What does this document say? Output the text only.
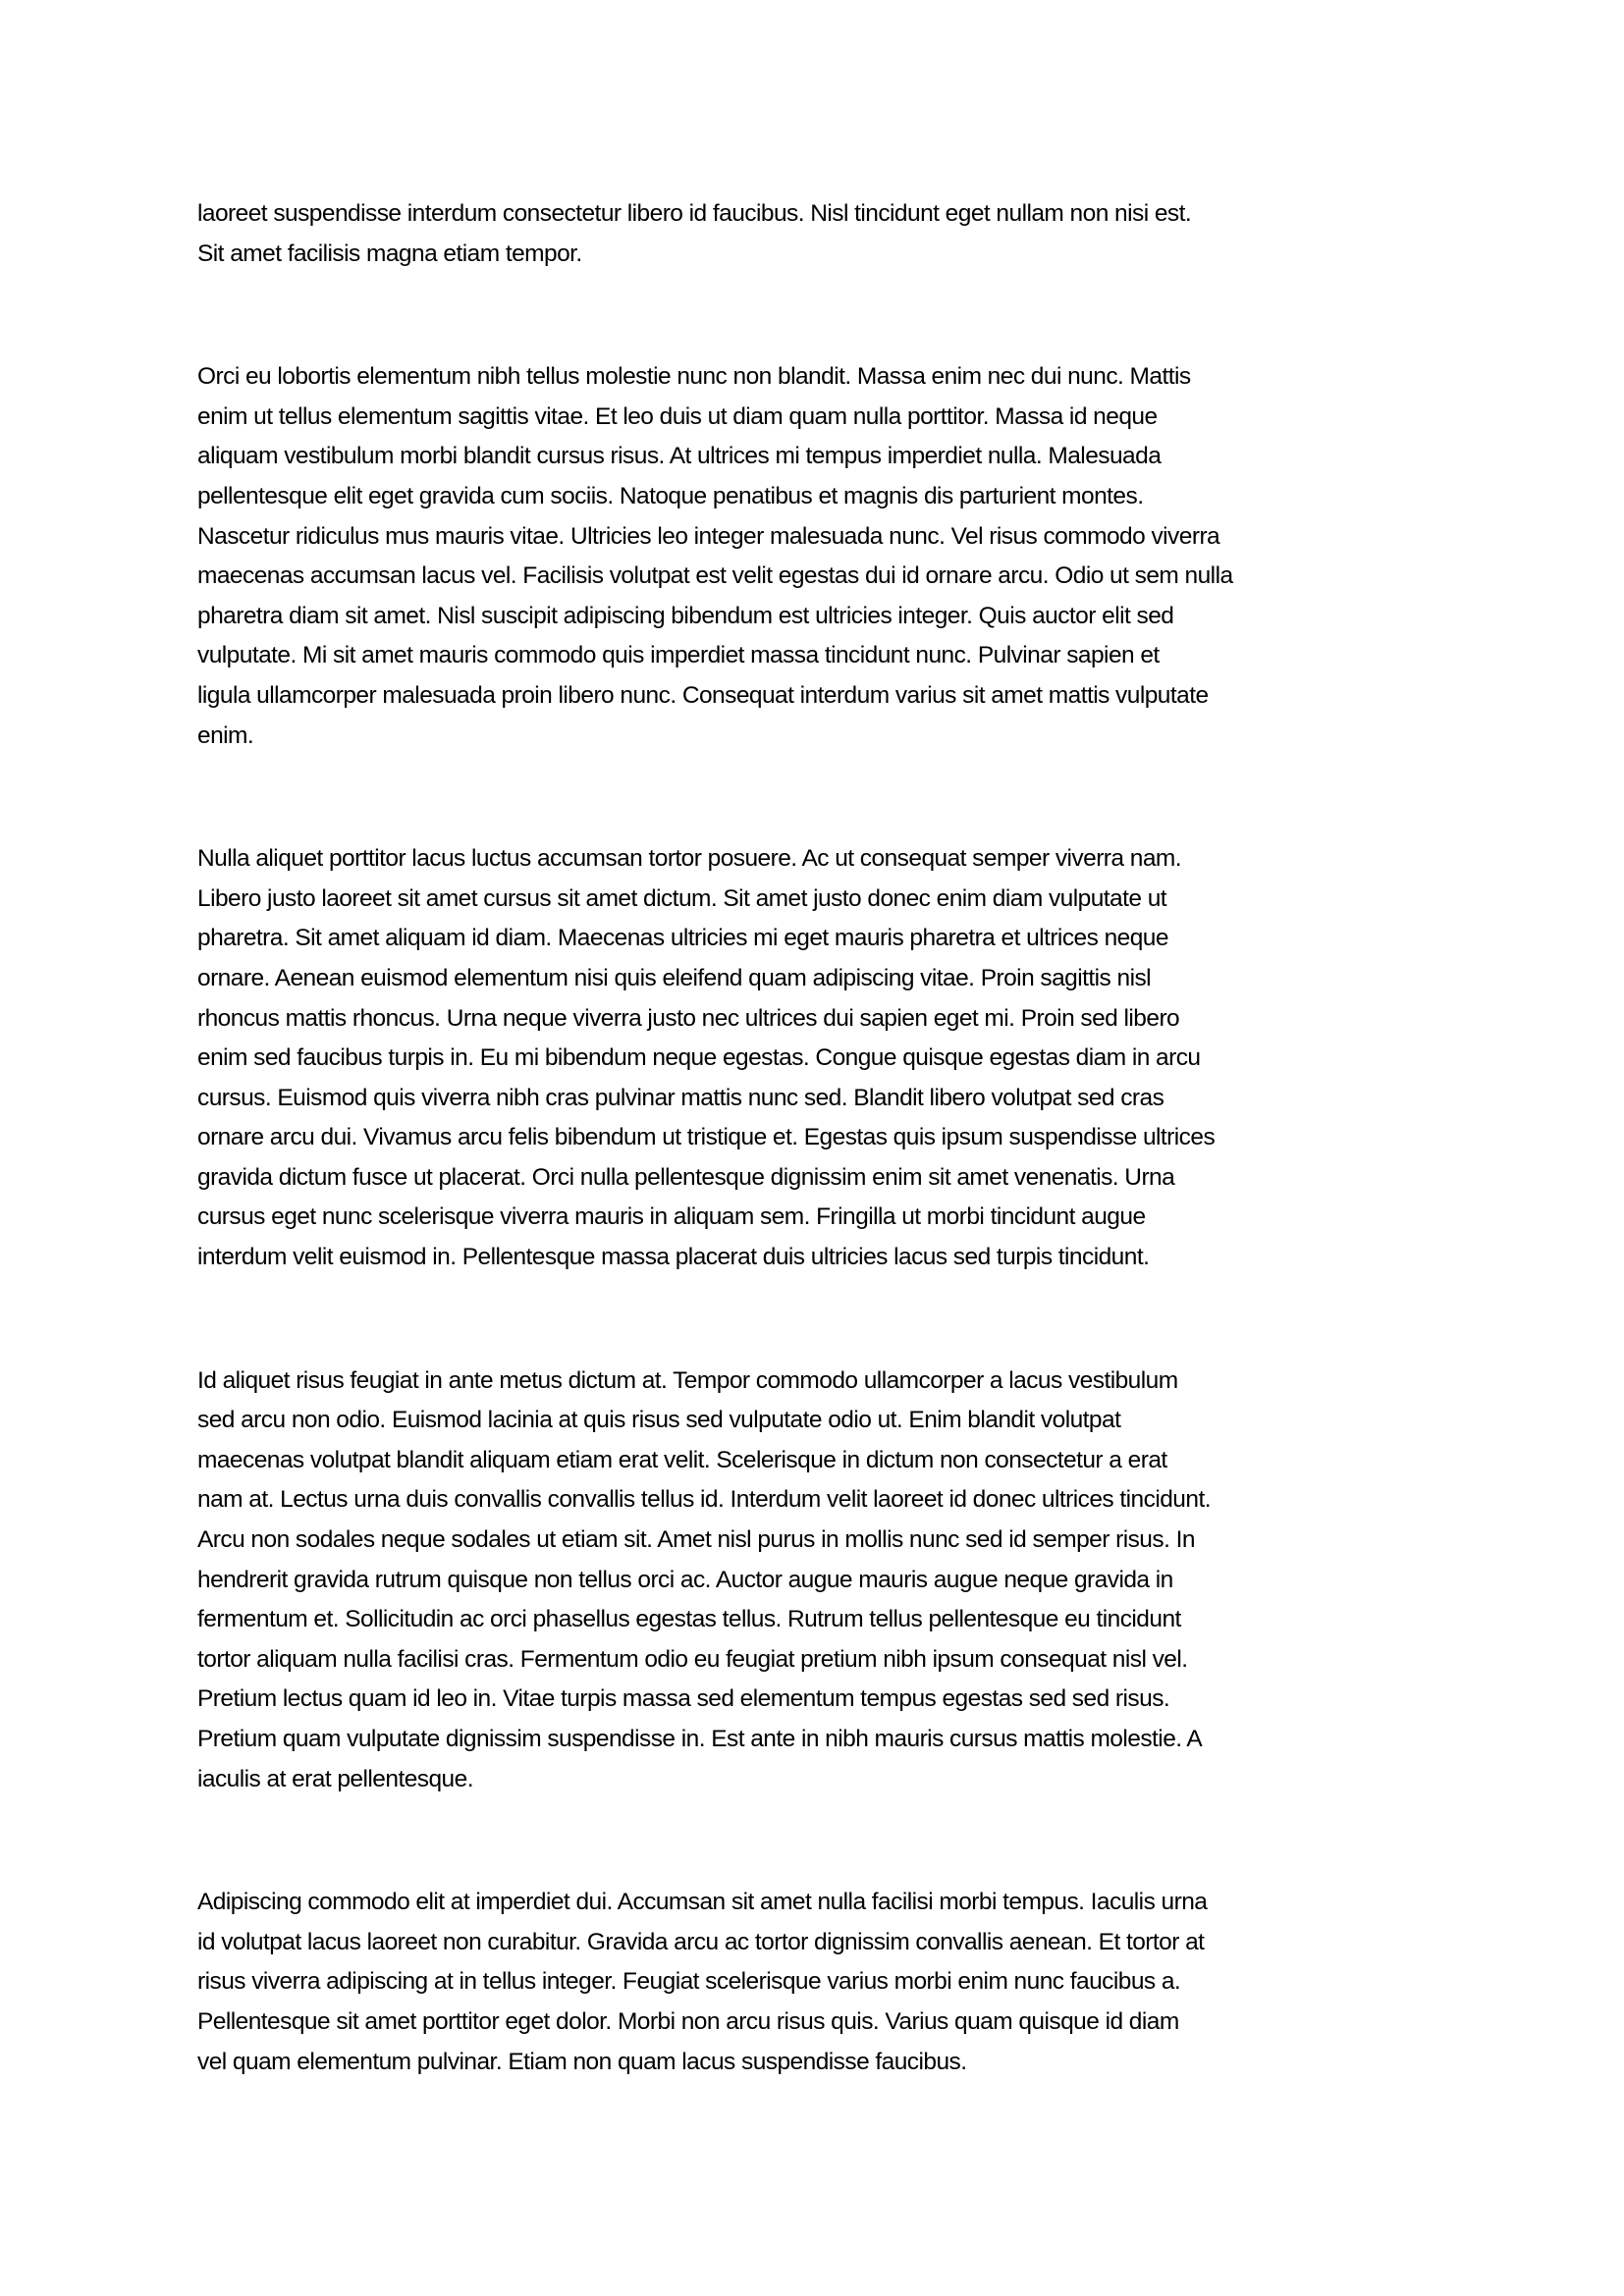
laoreet suspendisse interdum consectetur libero id faucibus. Nisl tincidunt eget nullam non nisi est.
Sit amet facilisis magna etiam tempor.

Orci eu lobortis elementum nibh tellus molestie nunc non blandit. Massa enim nec dui nunc. Mattis
enim ut tellus elementum sagittis vitae. Et leo duis ut diam quam nulla porttitor. Massa id neque
aliquam vestibulum morbi blandit cursus risus. At ultrices mi tempus imperdiet nulla. Malesuada
pellentesque elit eget gravida cum sociis. Natoque penatibus et magnis dis parturient montes.
Nascetur ridiculus mus mauris vitae. Ultricies leo integer malesuada nunc. Vel risus commodo viverra
maecenas accumsan lacus vel. Facilisis volutpat est velit egestas dui id ornare arcu. Odio ut sem nulla
pharetra diam sit amet. Nisl suscipit adipiscing bibendum est ultricies integer. Quis auctor elit sed
vulputate. Mi sit amet mauris commodo quis imperdiet massa tincidunt nunc. Pulvinar sapien et
ligula ullamcorper malesuada proin libero nunc. Consequat interdum varius sit amet mattis vulputate
enim.

Nulla aliquet porttitor lacus luctus accumsan tortor posuere. Ac ut consequat semper viverra nam.
Libero justo laoreet sit amet cursus sit amet dictum. Sit amet justo donec enim diam vulputate ut
pharetra. Sit amet aliquam id diam. Maecenas ultricies mi eget mauris pharetra et ultrices neque
ornare. Aenean euismod elementum nisi quis eleifend quam adipiscing vitae. Proin sagittis nisl
rhoncus mattis rhoncus. Urna neque viverra justo nec ultrices dui sapien eget mi. Proin sed libero
enim sed faucibus turpis in. Eu mi bibendum neque egestas. Congue quisque egestas diam in arcu
cursus. Euismod quis viverra nibh cras pulvinar mattis nunc sed. Blandit libero volutpat sed cras
ornare arcu dui. Vivamus arcu felis bibendum ut tristique et. Egestas quis ipsum suspendisse ultrices
gravida dictum fusce ut placerat. Orci nulla pellentesque dignissim enim sit amet venenatis. Urna
cursus eget nunc scelerisque viverra mauris in aliquam sem. Fringilla ut morbi tincidunt augue
interdum velit euismod in. Pellentesque massa placerat duis ultricies lacus sed turpis tincidunt.

Id aliquet risus feugiat in ante metus dictum at. Tempor commodo ullamcorper a lacus vestibulum
sed arcu non odio. Euismod lacinia at quis risus sed vulputate odio ut. Enim blandit volutpat
maecenas volutpat blandit aliquam etiam erat velit. Scelerisque in dictum non consectetur a erat
nam at. Lectus urna duis convallis convallis tellus id. Interdum velit laoreet id donec ultrices tincidunt.
Arcu non sodales neque sodales ut etiam sit. Amet nisl purus in mollis nunc sed id semper risus. In
hendrerit gravida rutrum quisque non tellus orci ac. Auctor augue mauris augue neque gravida in
fermentum et. Sollicitudin ac orci phasellus egestas tellus. Rutrum tellus pellentesque eu tincidunt
tortor aliquam nulla facilisi cras. Fermentum odio eu feugiat pretium nibh ipsum consequat nisl vel.
Pretium lectus quam id leo in. Vitae turpis massa sed elementum tempus egestas sed sed risus.
Pretium quam vulputate dignissim suspendisse in. Est ante in nibh mauris cursus mattis molestie. A
iaculis at erat pellentesque.

Adipiscing commodo elit at imperdiet dui. Accumsan sit amet nulla facilisi morbi tempus. Iaculis urna
id volutpat lacus laoreet non curabitur. Gravida arcu ac tortor dignissim convallis aenean. Et tortor at
risus viverra adipiscing at in tellus integer. Feugiat scelerisque varius morbi enim nunc faucibus a.
Pellentesque sit amet porttitor eget dolor. Morbi non arcu risus quis. Varius quam quisque id diam
vel quam elementum pulvinar. Etiam non quam lacus suspendisse faucibus.
